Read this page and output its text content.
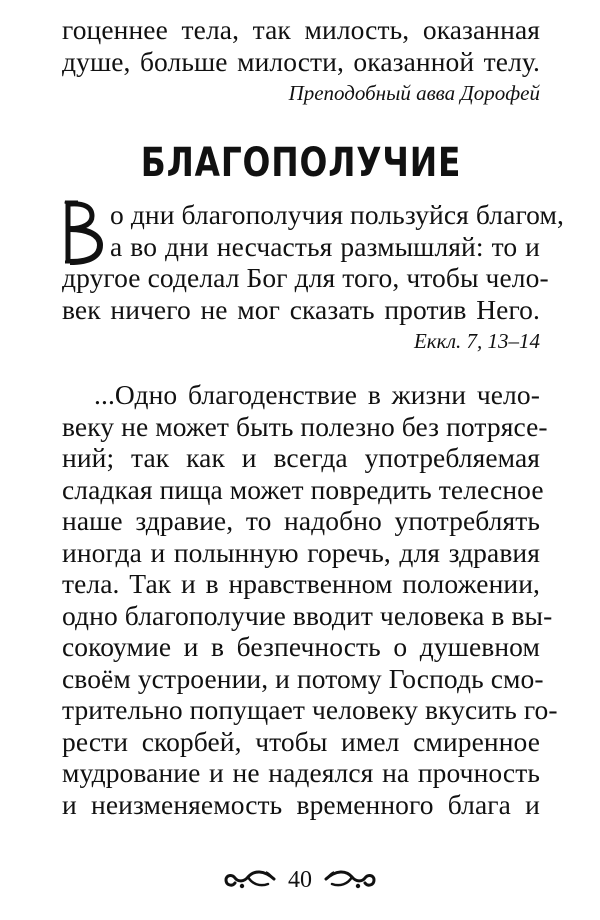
гоценнее тела, так милость, оказанная
душе, больше милости, оказанной телу.
Преподобный авва Дорофей
БЛАГОПОЛУЧИЕ
о дни благополучия пользуйся благом,
а во дни несчастья размышляй: то и
другое соделал Бог для того, чтобы чело-
век ничего не мог сказать против Него.
Еккл. 7, 13–14
...Одно благоденствие в жизни чело-
веку не может быть полезно без потрясе-
ний; так как и всегда употребляемая
сладкая пища может повредить телесное
наше здравие, то надобно употреблять
иногда и полынную горечь, для здравия
тела. Так и в нравственном положении,
одно благополучие вводит человека в вы-
сокоумие и в безпечность о душевном
своём устроении, и потому Господь смо-
трительно попущает человеку вкусить го-
рести скорбей, чтобы имел смиренное
мудрование и не надеялся на прочность
и неизменяемость временного блага и
40
